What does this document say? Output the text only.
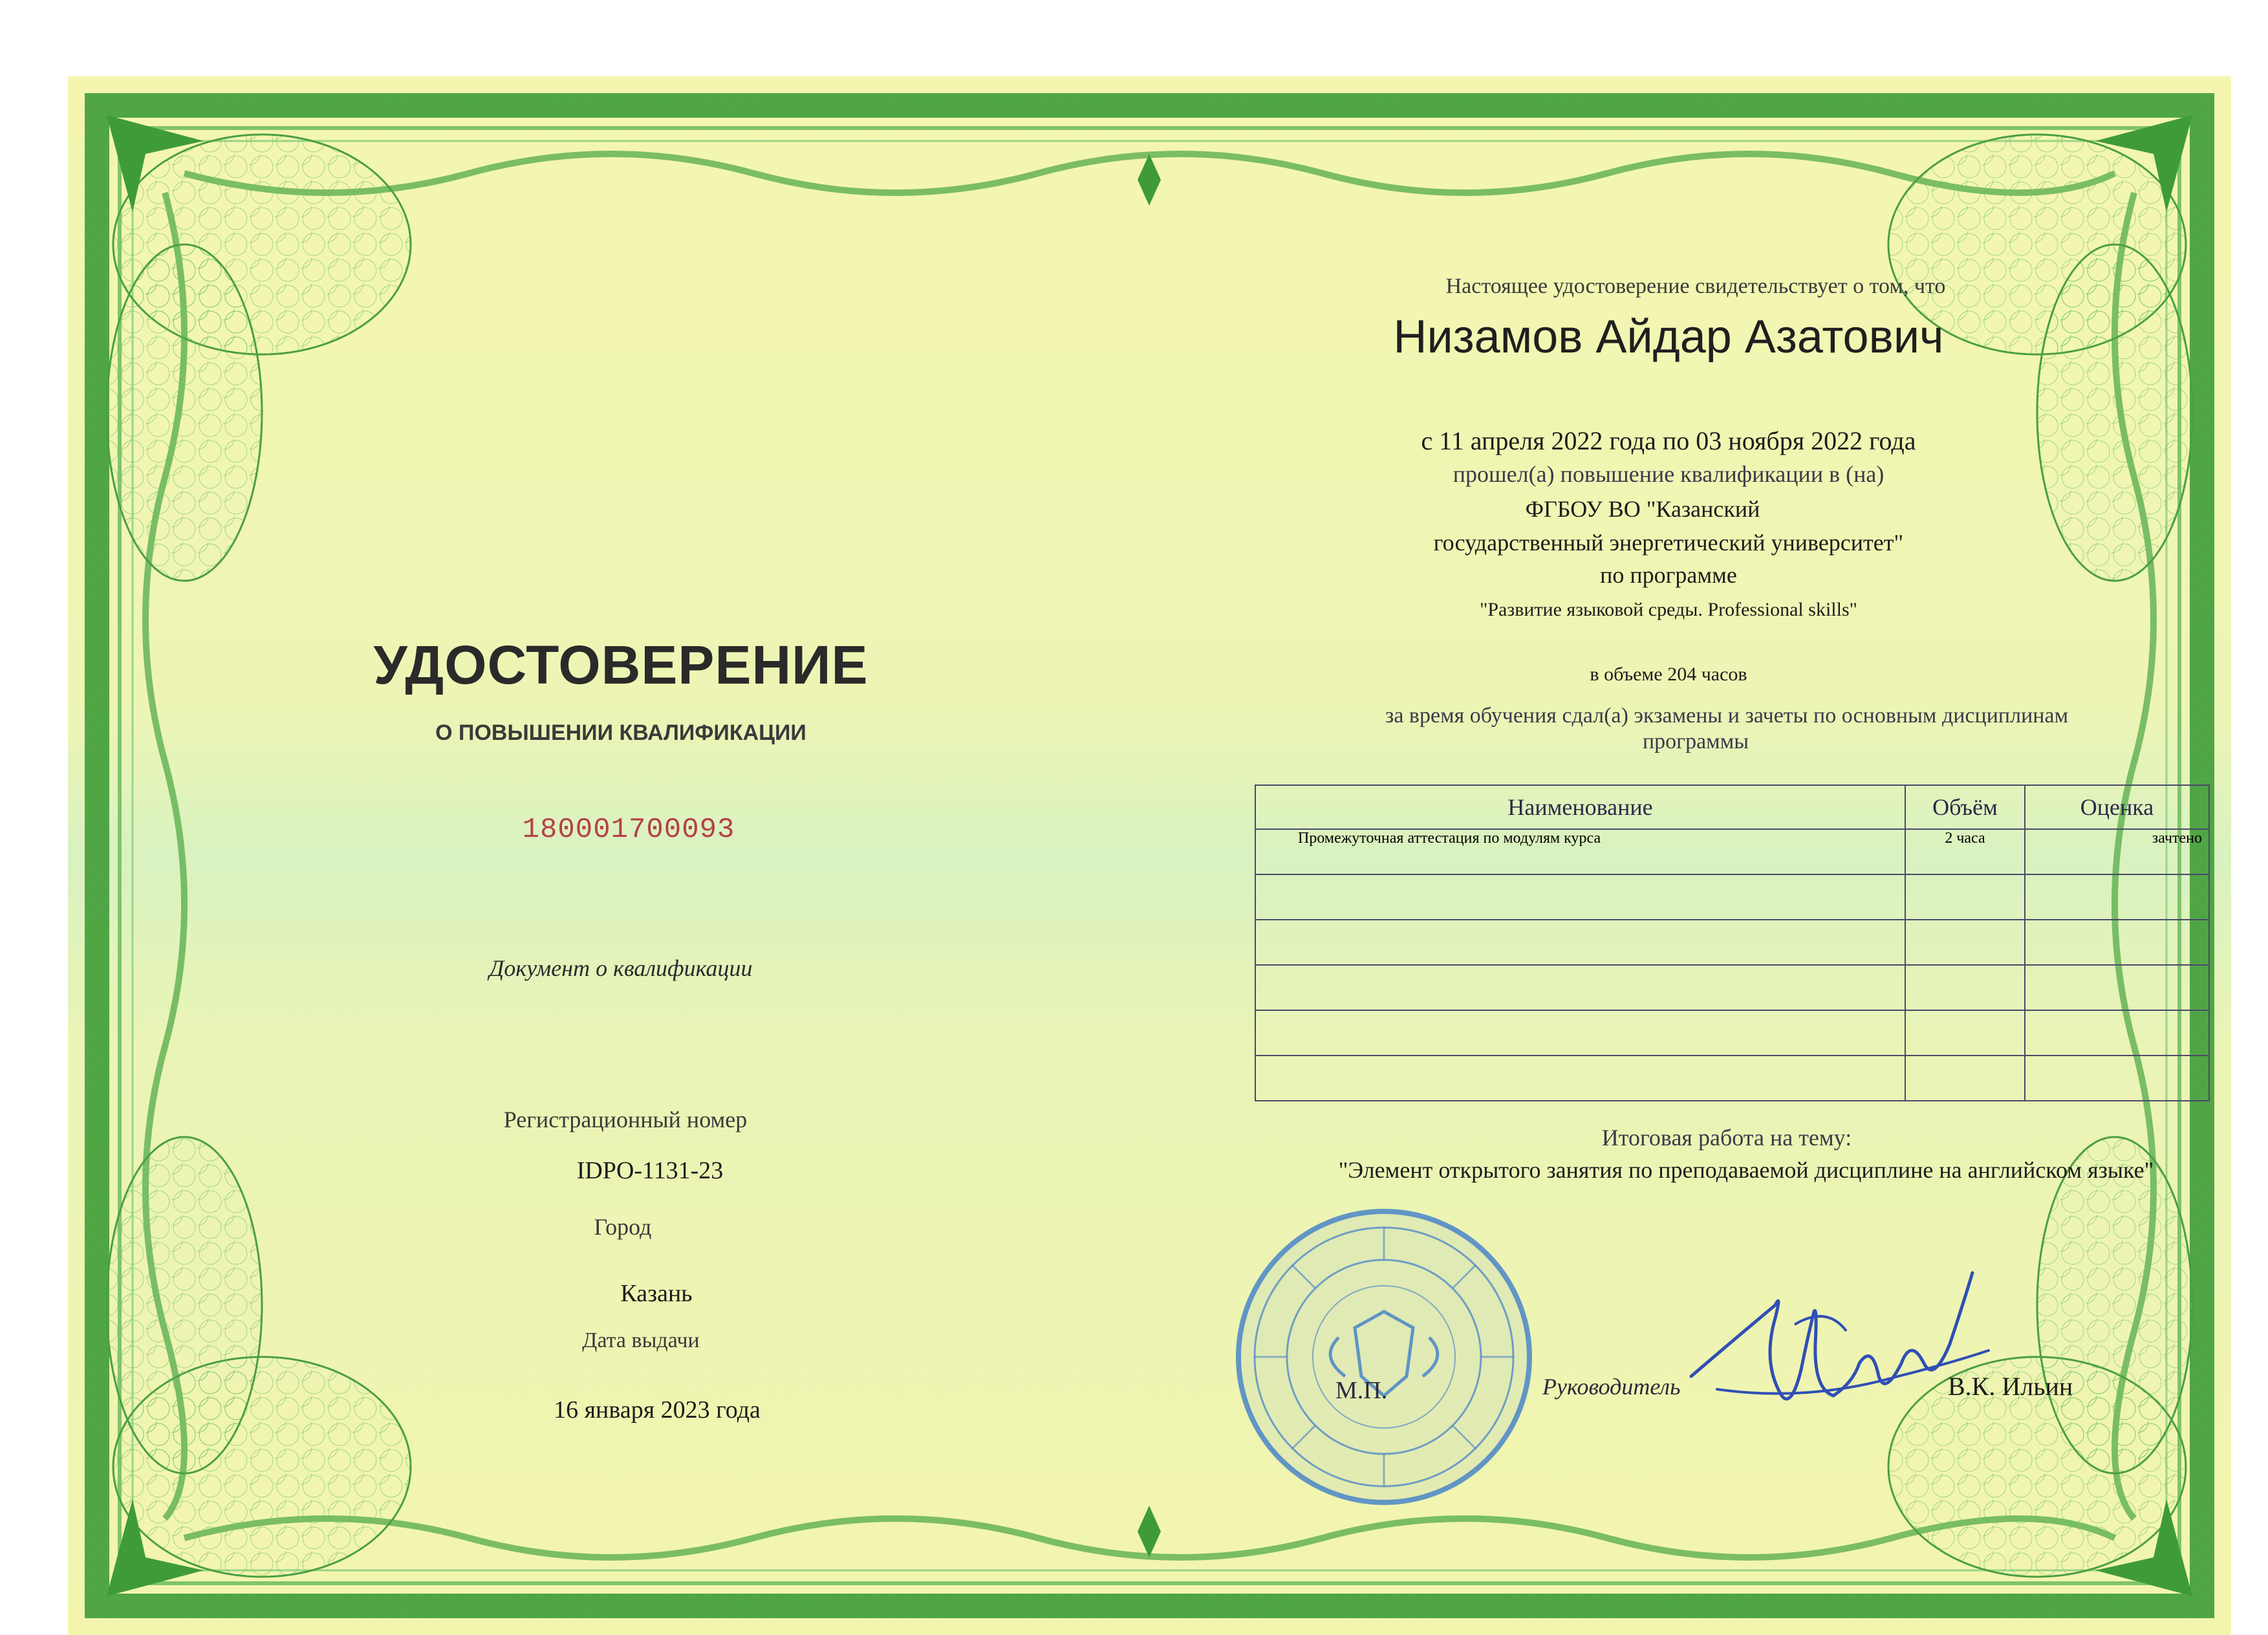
УДОСТОВЕРЕНИЕ
О ПОВЫШЕНИИ КВАЛИФИКАЦИИ
180001700093
Документ о квалификации
Регистрационный номер
IDPO-1131-23
Город
Казань
Дата выдачи
16 января 2023 года
Настоящее удостоверение свидетельствует о том, что
Низамов Айдар Азатович
с 11 апреля 2022 года по 03 ноября 2022 года
прошел(а) повышение квалификации в (на)
ФГБОУ ВО "Казанский
государственный энергетический университет"
по программе
"Развитие языковой среды. Professional skills"
в объеме 204 часов
за время обучения сдал(а) экзамены и зачеты по основным дисциплинам
программы
Наименование	Объём	Оценка
Промежуточная аттестация по модулям курса	2 часа	зачтено

Итоговая работа на тему:
"Элемент открытого занятия по преподаваемой дисциплине на английском языке"
М.П.	Руководитель	В.К. Ильин
